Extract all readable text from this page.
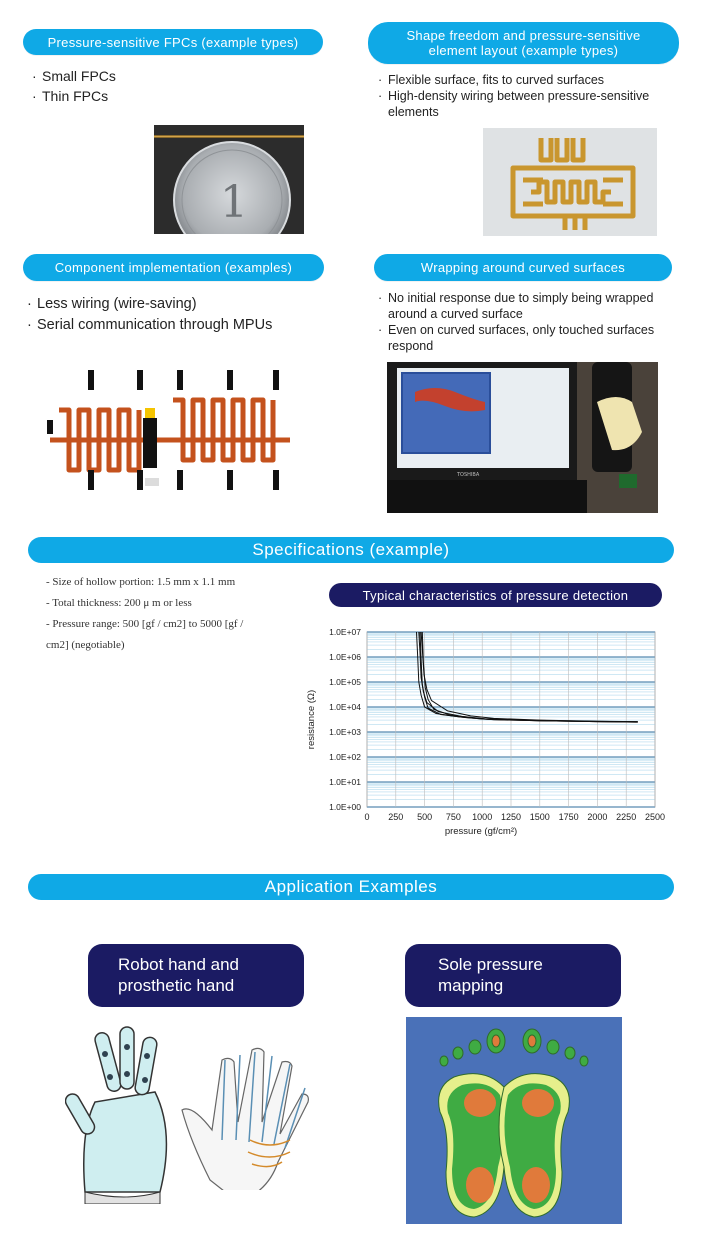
Pressure-sensitive FPCs (example types)
· Small FPCs
· Thin FPCs
1
Shape freedom and pressure-sensitive
element layout (example types)
· Flexible surface, fits to curved surfaces
· High-density wiring between pressure-sensitive elements
Component implementation (examples)
· Less wiring (wire-saving)
· Serial communication through MPUs
Wrapping around curved surfaces
· No initial response due to simply being wrapped around a curved surface
· Even on curved surfaces, only touched surfaces respond
TOSHIBA
Specifications (example)
- Size of hollow portion: 1.5 mm x 1.1 mm
- Total thickness: 200 μ m or less
- Pressure range: 500 [gf / cm2] to 5000 [gf /
cm2] (negotiable)
Typical characteristics of pressure detection
1.0E+00
1.0E+01
1.0E+02
1.0E+03
1.0E+04
1.0E+05
1.0E+06
1.0E+07
0 250 500 750 1000 1250 1500 1750 2000 2250 2500
pressure (gf/cm²)
resistance (Ω)
Application Examples
Robot hand and
prosthetic hand
Sole pressure
mapping
